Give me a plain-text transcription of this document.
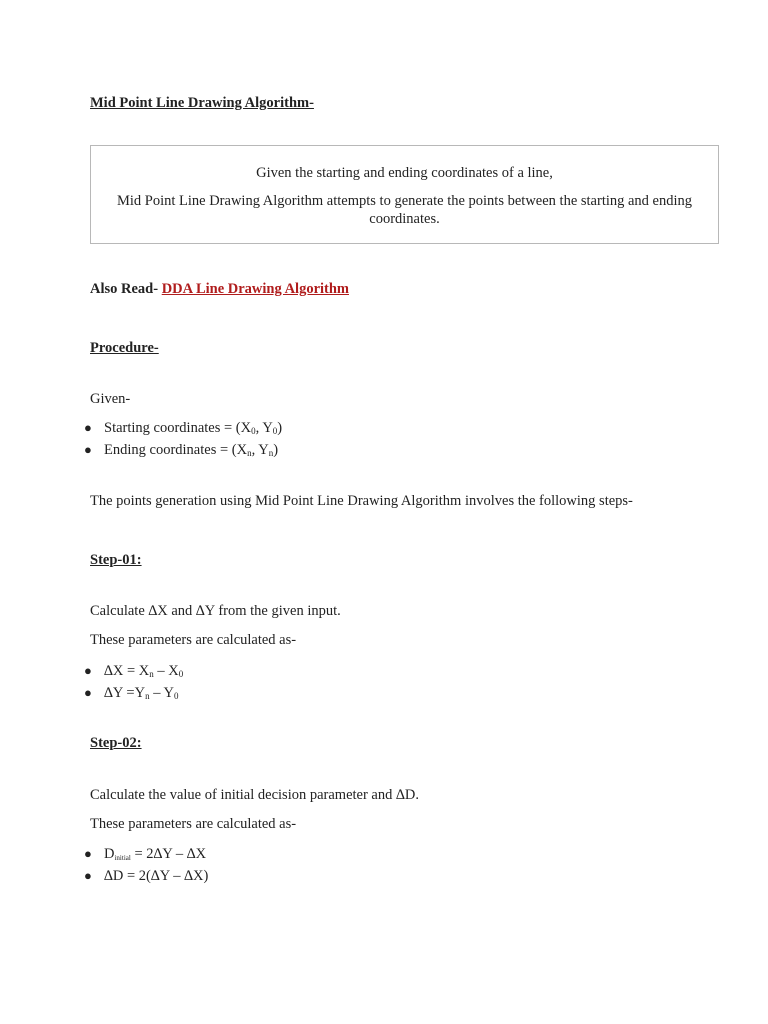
Mid Point Line Drawing Algorithm-
Given the starting and ending coordinates of a line,
Mid Point Line Drawing Algorithm attempts to generate the points between the starting and ending coordinates.
Also Read- DDA Line Drawing Algorithm
Procedure-
Given-
● Starting coordinates = ($X_0$, $Y_0$)
● Ending coordinates = ($X_n$, $Y_n$)
The points generation using Mid Point Line Drawing Algorithm involves the following steps-
Step-01:
Calculate ∆X and ∆Y from the given input.
These parameters are calculated as-
● $\Delta X = X_n - X_0$
● $\Delta Y =Y_n - Y_0$
Step-02:
Calculate the value of initial decision parameter and ∆D.
These parameters are calculated as-
● $D_{initial} = 2\Delta Y - \Delta X$
● ∆D = 2(∆Y – ∆X)
